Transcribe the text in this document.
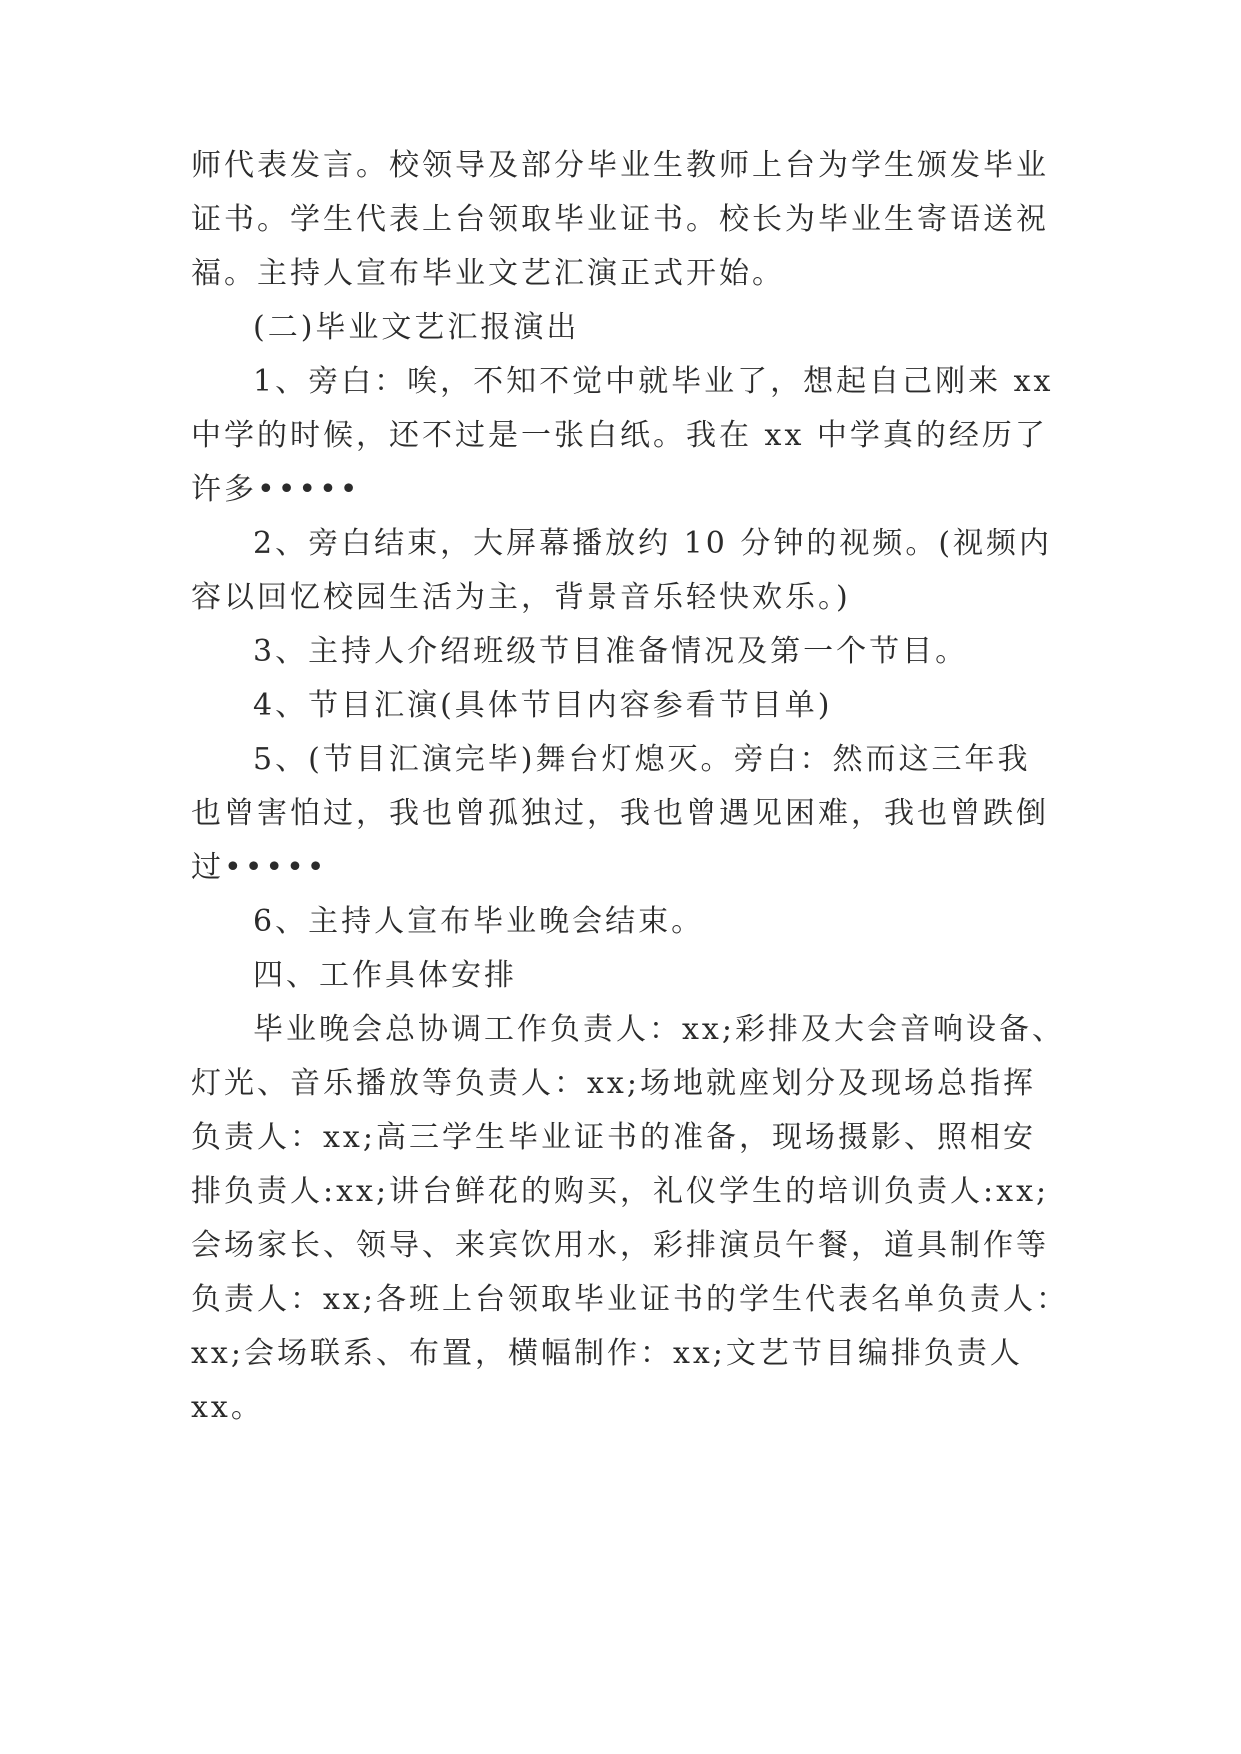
师代表发言。校领导及部分毕业生教师上台为学生颁发毕业

证书。学生代表上台领取毕业证书。校长为毕业生寄语送祝

福。主持人宣布毕业文艺汇演正式开始。

(二)毕业文艺汇报演出

1、旁白：唉，不知不觉中就毕业了，想起自己刚来 xx

中学的时候，还不过是一张白纸。我在 xx 中学真的经历了

许多•••••

2、旁白结束，大屏幕播放约 10 分钟的视频。(视频内

容以回忆校园生活为主，背景音乐轻快欢乐。)

3、主持人介绍班级节目准备情况及第一个节目。

4、节目汇演(具体节目内容参看节目单)

5、(节目汇演完毕)舞台灯熄灭。旁白：然而这三年我

也曾害怕过，我也曾孤独过，我也曾遇见困难，我也曾跌倒

过•••••

6、主持人宣布毕业晚会结束。

四、工作具体安排

毕业晚会总协调工作负责人：xx;彩排及大会音响设备、

灯光、音乐播放等负责人：xx;场地就座划分及现场总指挥

负责人：xx;高三学生毕业证书的准备，现场摄影、照相安

排负责人:xx;讲台鲜花的购买，礼仪学生的培训负责人:xx;

会场家长、领导、来宾饮用水，彩排演员午餐，道具制作等

负责人：xx;各班上台领取毕业证书的学生代表名单负责人：

xx;会场联系、布置，横幅制作：xx;文艺节目编排负责人

xx。
